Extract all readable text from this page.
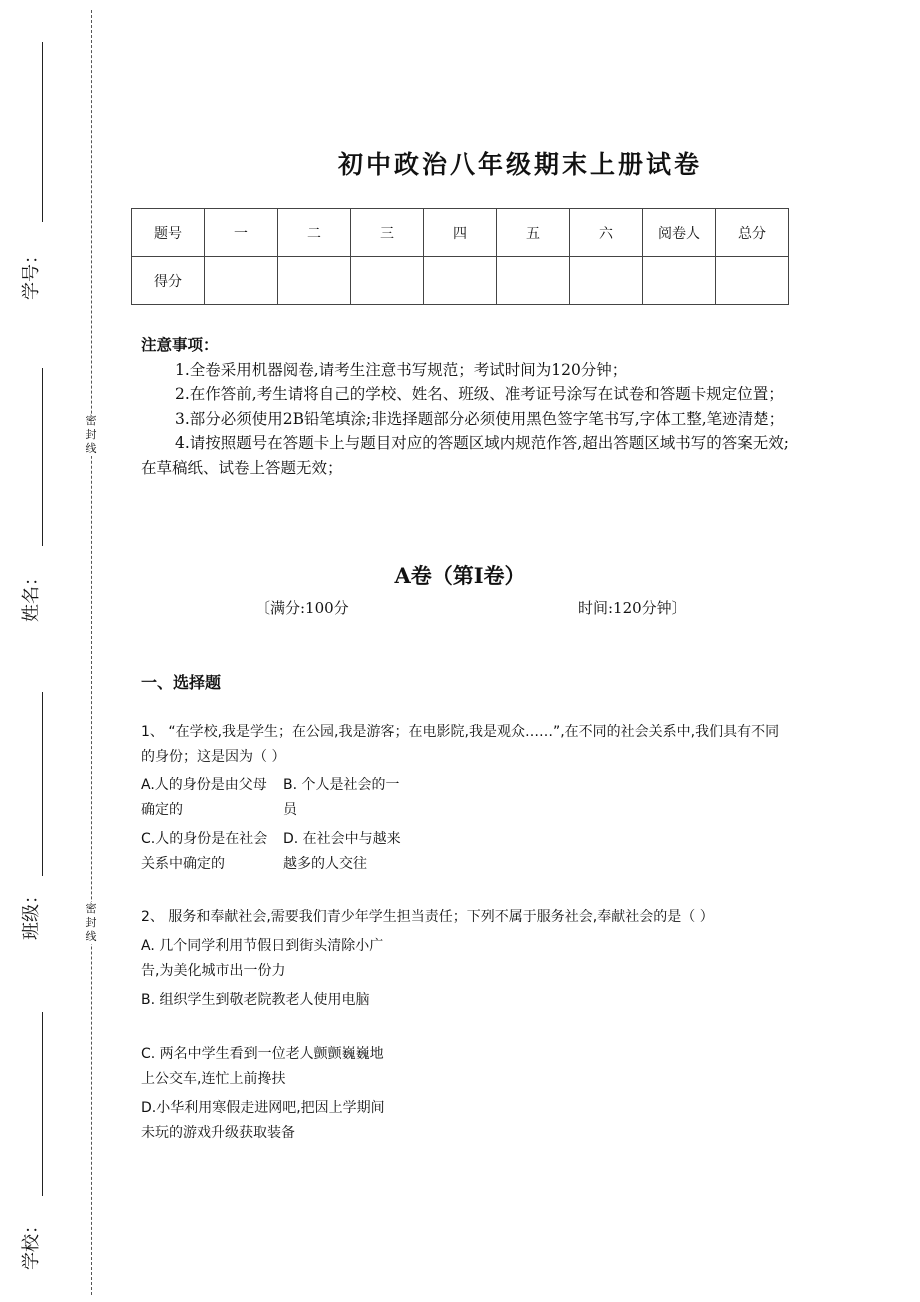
学号：
姓名：
班级：
学校：
密封线
密封线
初中政治八年级期末上册试卷
题号	一	二	三	四	五	六	阅卷人	总分
得分								
注意事项：

1.全卷采用机器阅卷,请考生注意书写规范；考试时间为120分钟；

2.在作答前,考生请将自己的学校、姓名、班级、准考证号涂写在试卷和答题卡规定位置；

3.部分必须使用2B铅笔填涂;非选择题部分必须使用黑色签字笔书写,字体工整,笔迹清楚；

4.请按照题号在答题卡上与题目对应的答题区域内规范作答,超出答题区域书写的答案无效;在草稿纸、试卷上答题无效；

A卷（第I卷）
〔满分:100分	时间:120分钟〕
一、选择题
1、 “在学校,我是学生；在公园,我是游客；在电影院,我是观众……”,在不同的社会关系中,我们具有不同的身份；这是因为（ ）
A.人的身份是由父母确定的
B. 个人是社会的一员
C.人的身份是在社会关系中确定的
D. 在社会中与越来越多的人交往
2、 服务和奉献社会,需要我们青少年学生担当责任；下列不属于服务社会,奉献社会的是（ ）
A. 几个同学利用节假日到街头清除小广告,为美化城市出一份力
B. 组织学生到敬老院教老人使用电脑
C. 两名中学生看到一位老人颤颤巍巍地上公交车,连忙上前搀扶
D.小华利用寒假走进网吧,把因上学期间未玩的游戏升级获取装备
